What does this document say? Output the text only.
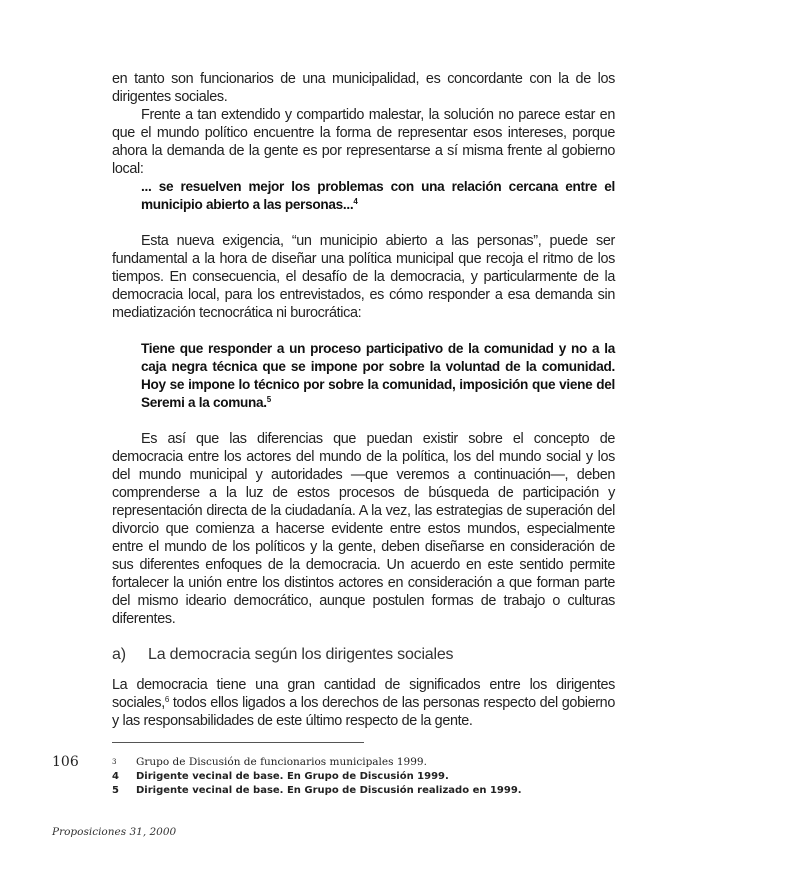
en tanto son funcionarios de una municipalidad, es concordante con la de los dirigentes sociales.

Frente a tan extendido y compartido malestar, la solución no parece estar en que el mundo político encuentre la forma de representar esos intereses, porque ahora la demanda de la gente es por representarse a sí misma frente al gobierno local:

... se resuelven mejor los problemas con una relación cercana entre el municipio abierto a las personas...$^4$

Esta nueva exigencia, “un municipio abierto a las personas”, puede ser fundamental a la hora de diseñar una política municipal que recoja el ritmo de los tiempos. En consecuencia, el desafío de la democracia, y particularmente de la democracia local, para los entrevistados, es cómo responder a esa demanda sin mediatización tecnocrática ni burocrática:

Tiene que responder a un proceso participativo de la comunidad y no a la caja negra técnica que se impone por sobre la voluntad de la comunidad. Hoy se impone lo técnico por sobre la comunidad, imposición que viene del Seremi a la comuna.$^5$

Es así que las diferencias que puedan existir sobre el concepto de democracia entre los actores del mundo de la política, los del mundo social y los del mundo municipal y autoridades —que veremos a continuación—, deben comprenderse a la luz de estos procesos de búsqueda de participación y representación directa de la ciudadanía. A la vez, las estrategias de superación del divorcio que comienza a hacerse evidente entre estos mundos, especialmente entre el mundo de los políticos y la gente, deben diseñarse en consideración de sus diferentes enfoques de la democracia. Un acuerdo en este sentido permite fortalecer la unión entre los distintos actores en consideración a que forman parte del mismo ideario democrático, aunque postulen formas de trabajo o culturas diferentes.

a)	La democracia según los dirigentes sociales

La democracia tiene una gran cantidad de significados entre los dirigentes sociales,$^6$ todos ellos ligados a los derechos de las personas respecto del gobierno y las responsabilidades de este último respecto de la gente.

106	3	Grupo de Discusión de funcionarios municipales 1999.
4	Dirigente vecinal de base. En Grupo de Discusión 1999.
5	Dirigente vecinal de base. En Grupo de Discusión realizado en 1999.
Proposiciones 31, 2000
